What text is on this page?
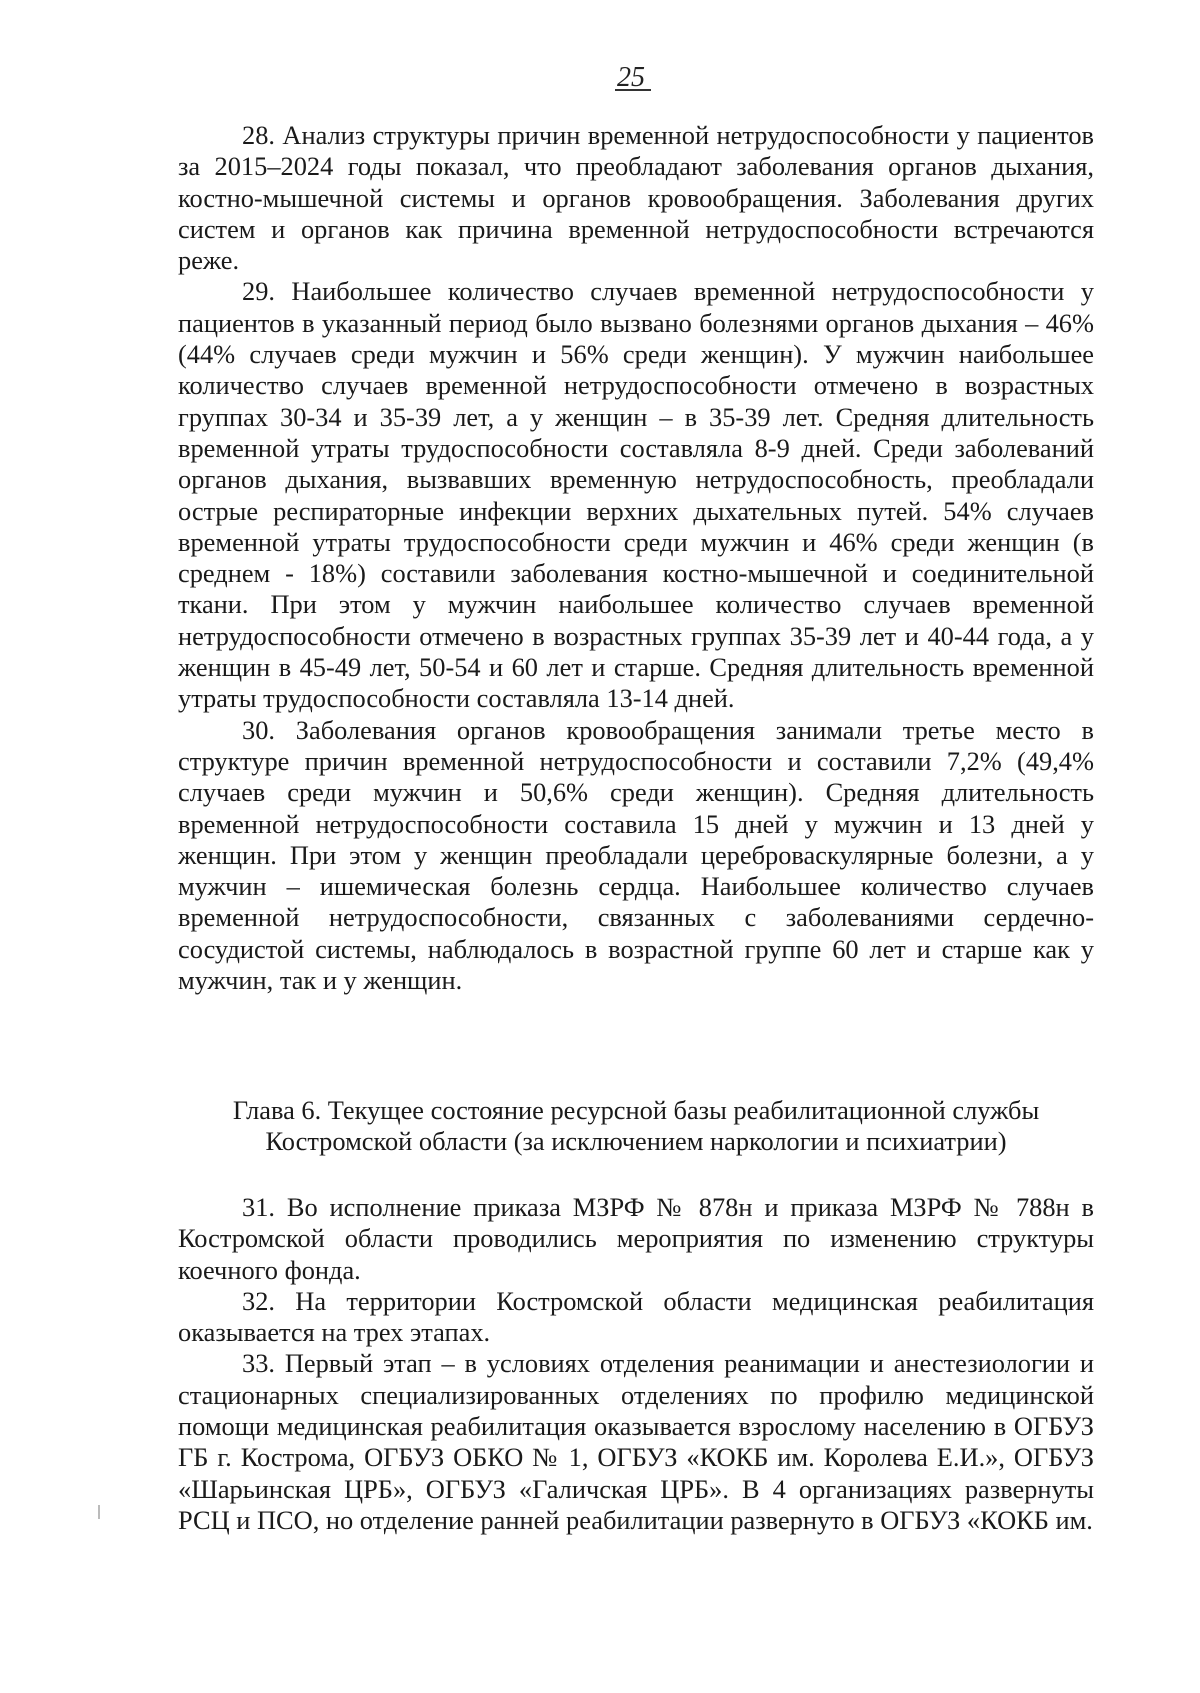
25

28. Анализ структуры причин временной нетрудоспособности у пациентов за 2015–2024 годы показал, что преобладают заболевания органов дыхания, костно-мышечной системы и органов кровообращения. Заболевания других систем и органов как причина временной нетрудоспособности встречаются реже.

29. Наибольшее количество случаев временной нетрудоспособности у пациентов в указанный период было вызвано болезнями органов дыхания – 46% (44% случаев среди мужчин и 56% среди женщин). У мужчин наибольшее количество случаев временной нетрудоспособности отмечено в возрастных группах 30-34 и 35-39 лет, а у женщин – в 35-39 лет. Средняя длительность временной утраты трудоспособности составляла 8-9 дней. Среди заболеваний органов дыхания, вызвавших временную нетрудоспособность, преобладали острые респираторные инфекции верхних дыхательных путей. 54% случаев временной утраты трудоспособности среди мужчин и 46% среди женщин (в среднем - 18%) составили заболевания костно-мышечной и соединительной ткани. При этом у мужчин наибольшее количество случаев временной нетрудоспособности отмечено в возрастных группах 35-39 лет и 40-44 года, а у женщин в 45-49 лет, 50-54 и 60 лет и старше. Средняя длительность временной утраты трудоспособности составляла 13-14 дней.

30. Заболевания органов кровообращения занимали третье место в структуре причин временной нетрудоспособности и составили 7,2% (49,4% случаев среди мужчин и 50,6% среди женщин). Средняя длительность временной нетрудоспособности составила 15 дней у мужчин и 13 дней у женщин. При этом у женщин преобладали цереброваскулярные болезни, а у мужчин – ишемическая болезнь сердца. Наибольшее количество случаев временной нетрудоспособности, связанных с заболеваниями сердечно-сосудистой системы, наблюдалось в возрастной группе 60 лет и старше как у мужчин, так и у женщин.

Глава 6. Текущее состояние ресурсной базы реабилитационной службы
Костромской области (за исключением наркологии и психиатрии)

31. Во исполнение приказа МЗРФ № 878н и приказа МЗРФ № 788н в Костромской области проводились мероприятия по изменению структуры коечного фонда.

32. На территории Костромской области медицинская реабилитация оказывается на трех этапах.

33. Первый этап – в условиях отделения реанимации и анестезиологии и стационарных специализированных отделениях по профилю медицинской помощи медицинская реабилитация оказывается взрослому населению в ОГБУЗ ГБ г. Кострома, ОГБУЗ ОБКО № 1, ОГБУЗ «КОКБ им. Королева Е.И.», ОГБУЗ «Шарьинская ЦРБ», ОГБУЗ «Галичская ЦРБ». В 4 организациях развернуты РСЦ и ПСО, но отделение ранней реабилитации развернуто в ОГБУЗ «КОКБ им.
